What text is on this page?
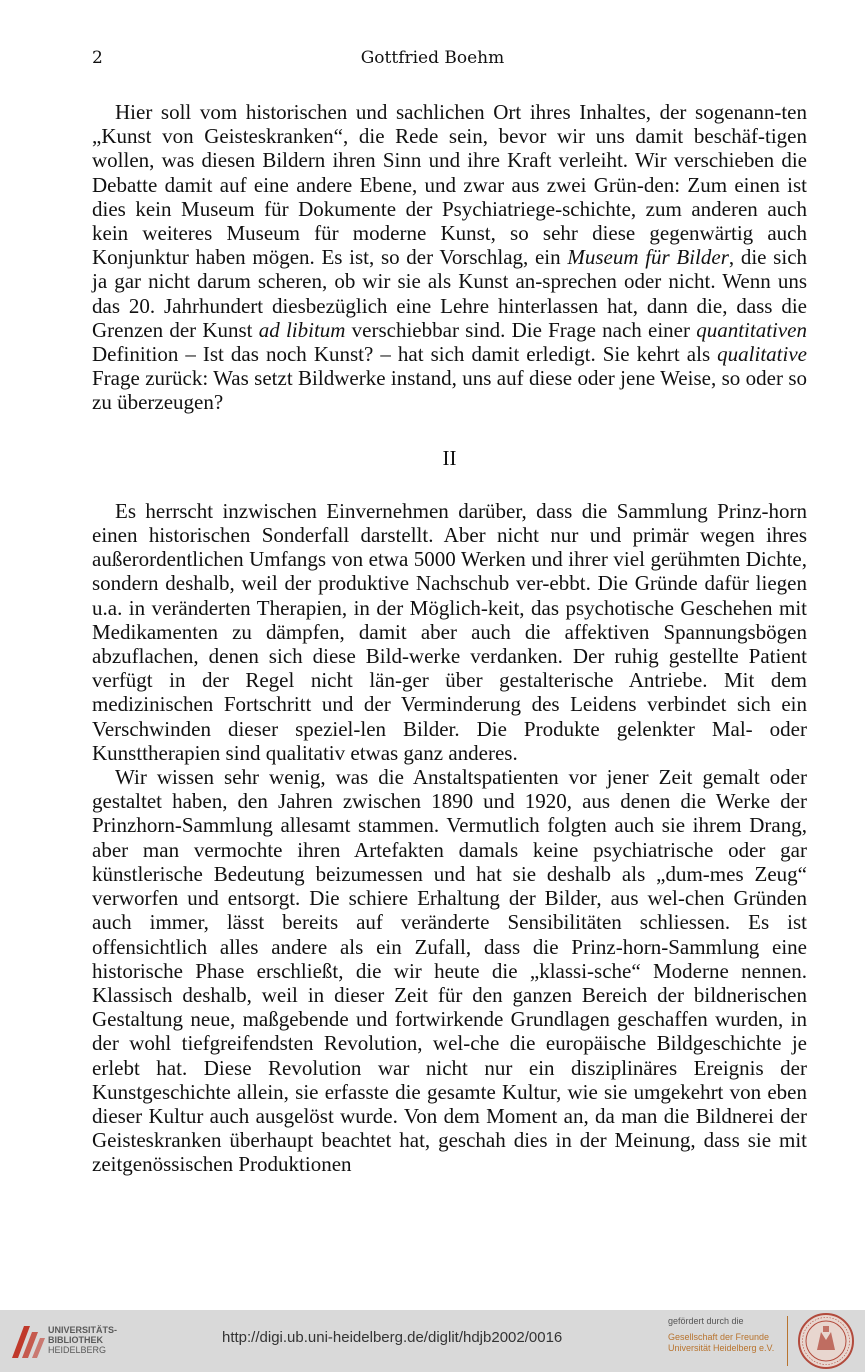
2	Gottfried Boehm

Hier soll vom historischen und sachlichen Ort ihres Inhaltes, der sogenann-ten „Kunst von Geisteskranken“, die Rede sein, bevor wir uns damit beschäf-tigen wollen, was diesen Bildern ihren Sinn und ihre Kraft verleiht. Wir verschieben die Debatte damit auf eine andere Ebene, und zwar aus zwei Grün-den: Zum einen ist dies kein Museum für Dokumente der Psychiatriege-schichte, zum anderen auch kein weiteres Museum für moderne Kunst, so sehr diese gegenwärtig auch Konjunktur haben mögen. Es ist, so der Vorschlag, ein Museum für Bilder, die sich ja gar nicht darum scheren, ob wir sie als Kunst an-sprechen oder nicht. Wenn uns das 20. Jahrhundert diesbezüglich eine Lehre hinterlassen hat, dann die, dass die Grenzen der Kunst ad libitum verschiebbar sind. Die Frage nach einer quantitativen Definition – Ist das noch Kunst? – hat sich damit erledigt. Sie kehrt als qualitative Frage zurück: Was setzt Bildwerke instand, uns auf diese oder jene Weise, so oder so zu überzeugen?

II

Es herrscht inzwischen Einvernehmen darüber, dass die Sammlung Prinz-horn einen historischen Sonderfall darstellt. Aber nicht nur und primär wegen ihres außerordentlichen Umfangs von etwa 5000 Werken und ihrer viel gerühmten Dichte, sondern deshalb, weil der produktive Nachschub ver-ebbt. Die Gründe dafür liegen u.a. in veränderten Therapien, in der Möglich-keit, das psychotische Geschehen mit Medikamenten zu dämpfen, damit aber auch die affektiven Spannungsbögen abzuflachen, denen sich diese Bild-werke verdanken. Der ruhig gestellte Patient verfügt in der Regel nicht län-ger über gestalterische Antriebe. Mit dem medizinischen Fortschritt und der Verminderung des Leidens verbindet sich ein Verschwinden dieser speziel-len Bilder. Die Produkte gelenkter Mal- oder Kunsttherapien sind qualitativ etwas ganz anderes.

Wir wissen sehr wenig, was die Anstaltspatienten vor jener Zeit gemalt oder gestaltet haben, den Jahren zwischen 1890 und 1920, aus denen die Werke der Prinzhorn-Sammlung allesamt stammen. Vermutlich folgten auch sie ihrem Drang, aber man vermochte ihren Artefakten damals keine psychiatrische oder gar künstlerische Bedeutung beizumessen und hat sie deshalb als „dum-mes Zeug“ verworfen und entsorgt. Die schiere Erhaltung der Bilder, aus wel-chen Gründen auch immer, lässt bereits auf veränderte Sensibilitäten schliessen. Es ist offensichtlich alles andere als ein Zufall, dass die Prinz-horn-Sammlung eine historische Phase erschließt, die wir heute die „klassi-sche“ Moderne nennen. Klassisch deshalb, weil in dieser Zeit für den ganzen Bereich der bildnerischen Gestaltung neue, maßgebende und fortwirkende Grundlagen geschaffen wurden, in der wohl tiefgreifendsten Revolution, wel-che die europäische Bildgeschichte je erlebt hat. Diese Revolution war nicht nur ein disziplinäres Ereignis der Kunstgeschichte allein, sie erfasste die gesamte Kultur, wie sie umgekehrt von eben dieser Kultur auch ausgelöst wurde. Von dem Moment an, da man die Bildnerei der Geisteskranken überhaupt beachtet hat, geschah dies in der Meinung, dass sie mit zeitgenössischen Produktionen

UNIVERSITÄTS-
BIBLIOTHEK
HEIDELBERG
http://digi.ub.uni-heidelberg.de/diglit/hdjb2002/0016
gefördert durch die
Gesellschaft der Freunde
Universität Heidelberg e.V.
